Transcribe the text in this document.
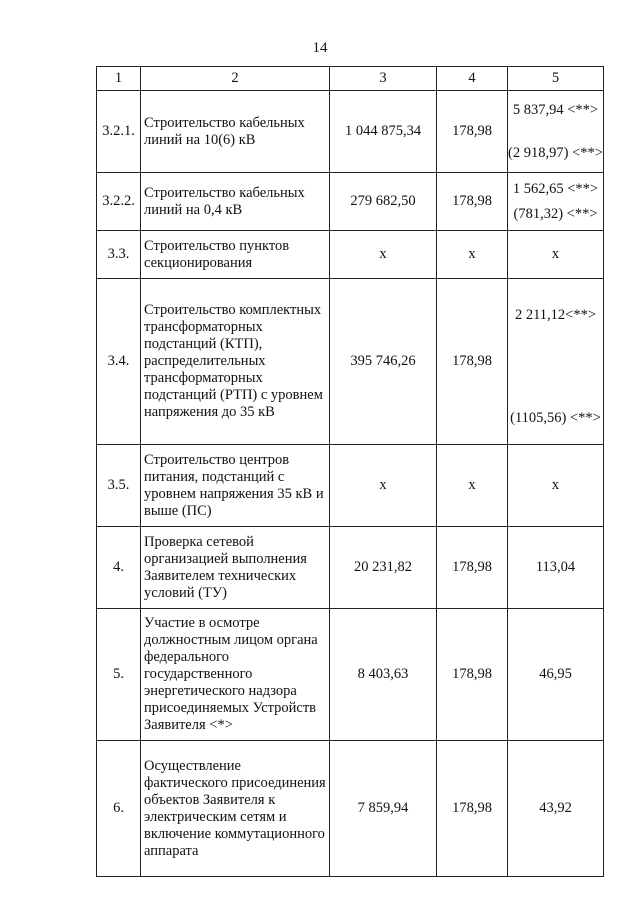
14
1	2	3	4	5
3.2.1.	Строительство кабельных линий на 10(6) кВ	1 044 875,34	178,98	5 837,94 <**>
(2 918,97) <**>

3.2.2.	Строительство кабельных линий на 0,4 кВ	279 682,50	178,98	1 562,65 <**>
(781,32) <**>

3.3.	Строительство пунктов секционирования	x	x	x
3.4.	Строительство комплектных трансформаторных подстанций (КТП), распределительных трансформаторных подстанций (РТП) с уровнем напряжения до 35 кВ	395 746,26	178,98	2 211,12<**>
(1105,56) <**>

3.5.	Строительство центров питания, подстанций с уровнем напряжения 35 кВ и выше (ПС)	x	x	x
4.	Проверка сетевой организацией выполнения Заявителем технических условий (ТУ)	20 231,82	178,98	113,04
5.	Участие в осмотре должностным лицом органа федерального государственного энергетического надзора присоединяемых Устройств Заявителя <*>	8 403,63	178,98	46,95
6.	Осуществление фактического присоединения объектов Заявителя к электрическим сетям и включение коммутационного аппарата	7 859,94	178,98	43,92
